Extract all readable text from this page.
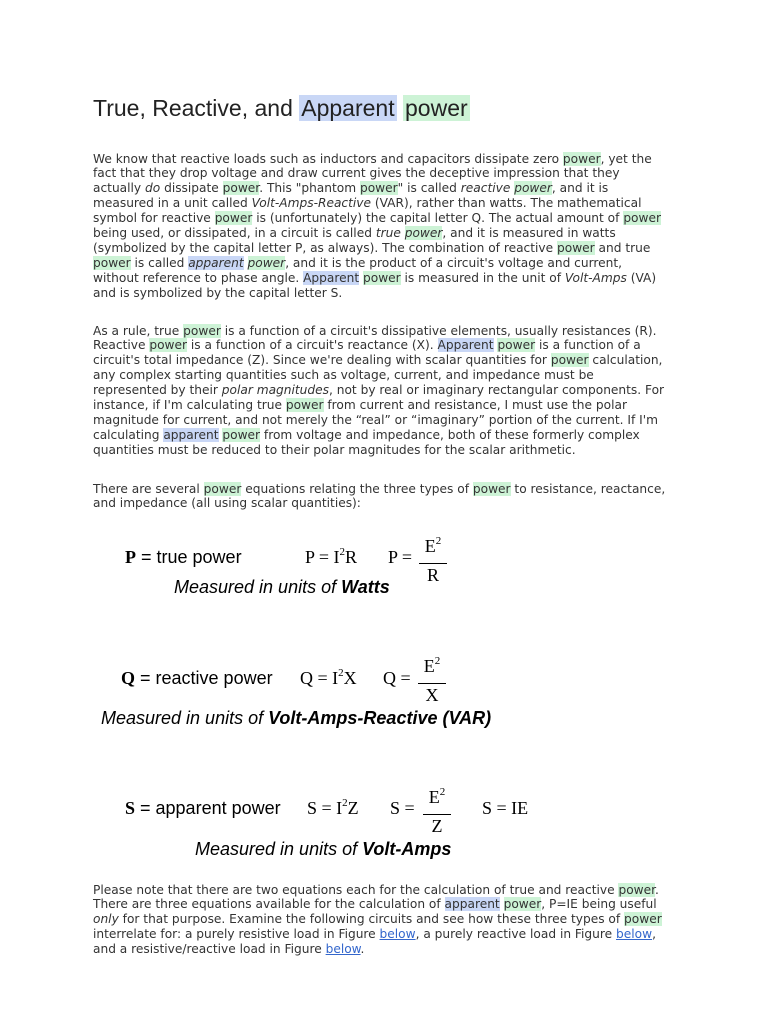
True, Reactive, and Apparent power
We know that reactive loads such as inductors and capacitors dissipate zero power, yet the
fact that they drop voltage and draw current gives the deceptive impression that they
actually do dissipate power. This "phantom power" is called reactive power, and it is
measured in a unit called Volt-Amps-Reactive (VAR), rather than watts. The mathematical
symbol for reactive power is (unfortunately) the capital letter Q. The actual amount of power
being used, or dissipated, in a circuit is called true power, and it is measured in watts
(symbolized by the capital letter P, as always). The combination of reactive power and true
power is called apparent power, and it is the product of a circuit's voltage and current,
without reference to phase angle. Apparent power is measured in the unit of Volt-Amps (VA)
and is symbolized by the capital letter S.
As a rule, true power is a function of a circuit's dissipative elements, usually resistances (R).
Reactive power is a function of a circuit's reactance (X). Apparent power is a function of a
circuit's total impedance (Z). Since we're dealing with scalar quantities for power calculation,
any complex starting quantities such as voltage, current, and impedance must be
represented by their polar magnitudes, not by real or imaginary rectangular components. For
instance, if I'm calculating true power from current and resistance, I must use the polar
magnitude for current, and not merely the “real” or “imaginary” portion of the current. If I'm
calculating apparent power from voltage and impedance, both of these formerly complex
quantities must be reduced to their polar magnitudes for the scalar arithmetic.
There are several power equations relating the three types of power to resistance, reactance,
and impedance (all using scalar quantities):
P = true power	$P = I^2R$ P =
$E^2$
R
Measured in units of Watts
Q = reactive power $Q = I^2X$ Q =
$E^2$
X
Measured in units of Volt-Amps-Reactive (VAR)
S = apparent power $S = I^2Z$ S =
$E^2$
Z
S = IE
Measured in units of Volt-Amps
Please note that there are two equations each for the calculation of true and reactive power.
There are three equations available for the calculation of apparent power, P=IE being useful
only for that purpose. Examine the following circuits and see how these three types of power
interrelate for: a purely resistive load in Figure below, a purely reactive load in Figure below,
and a resistive/reactive load in Figure below.
